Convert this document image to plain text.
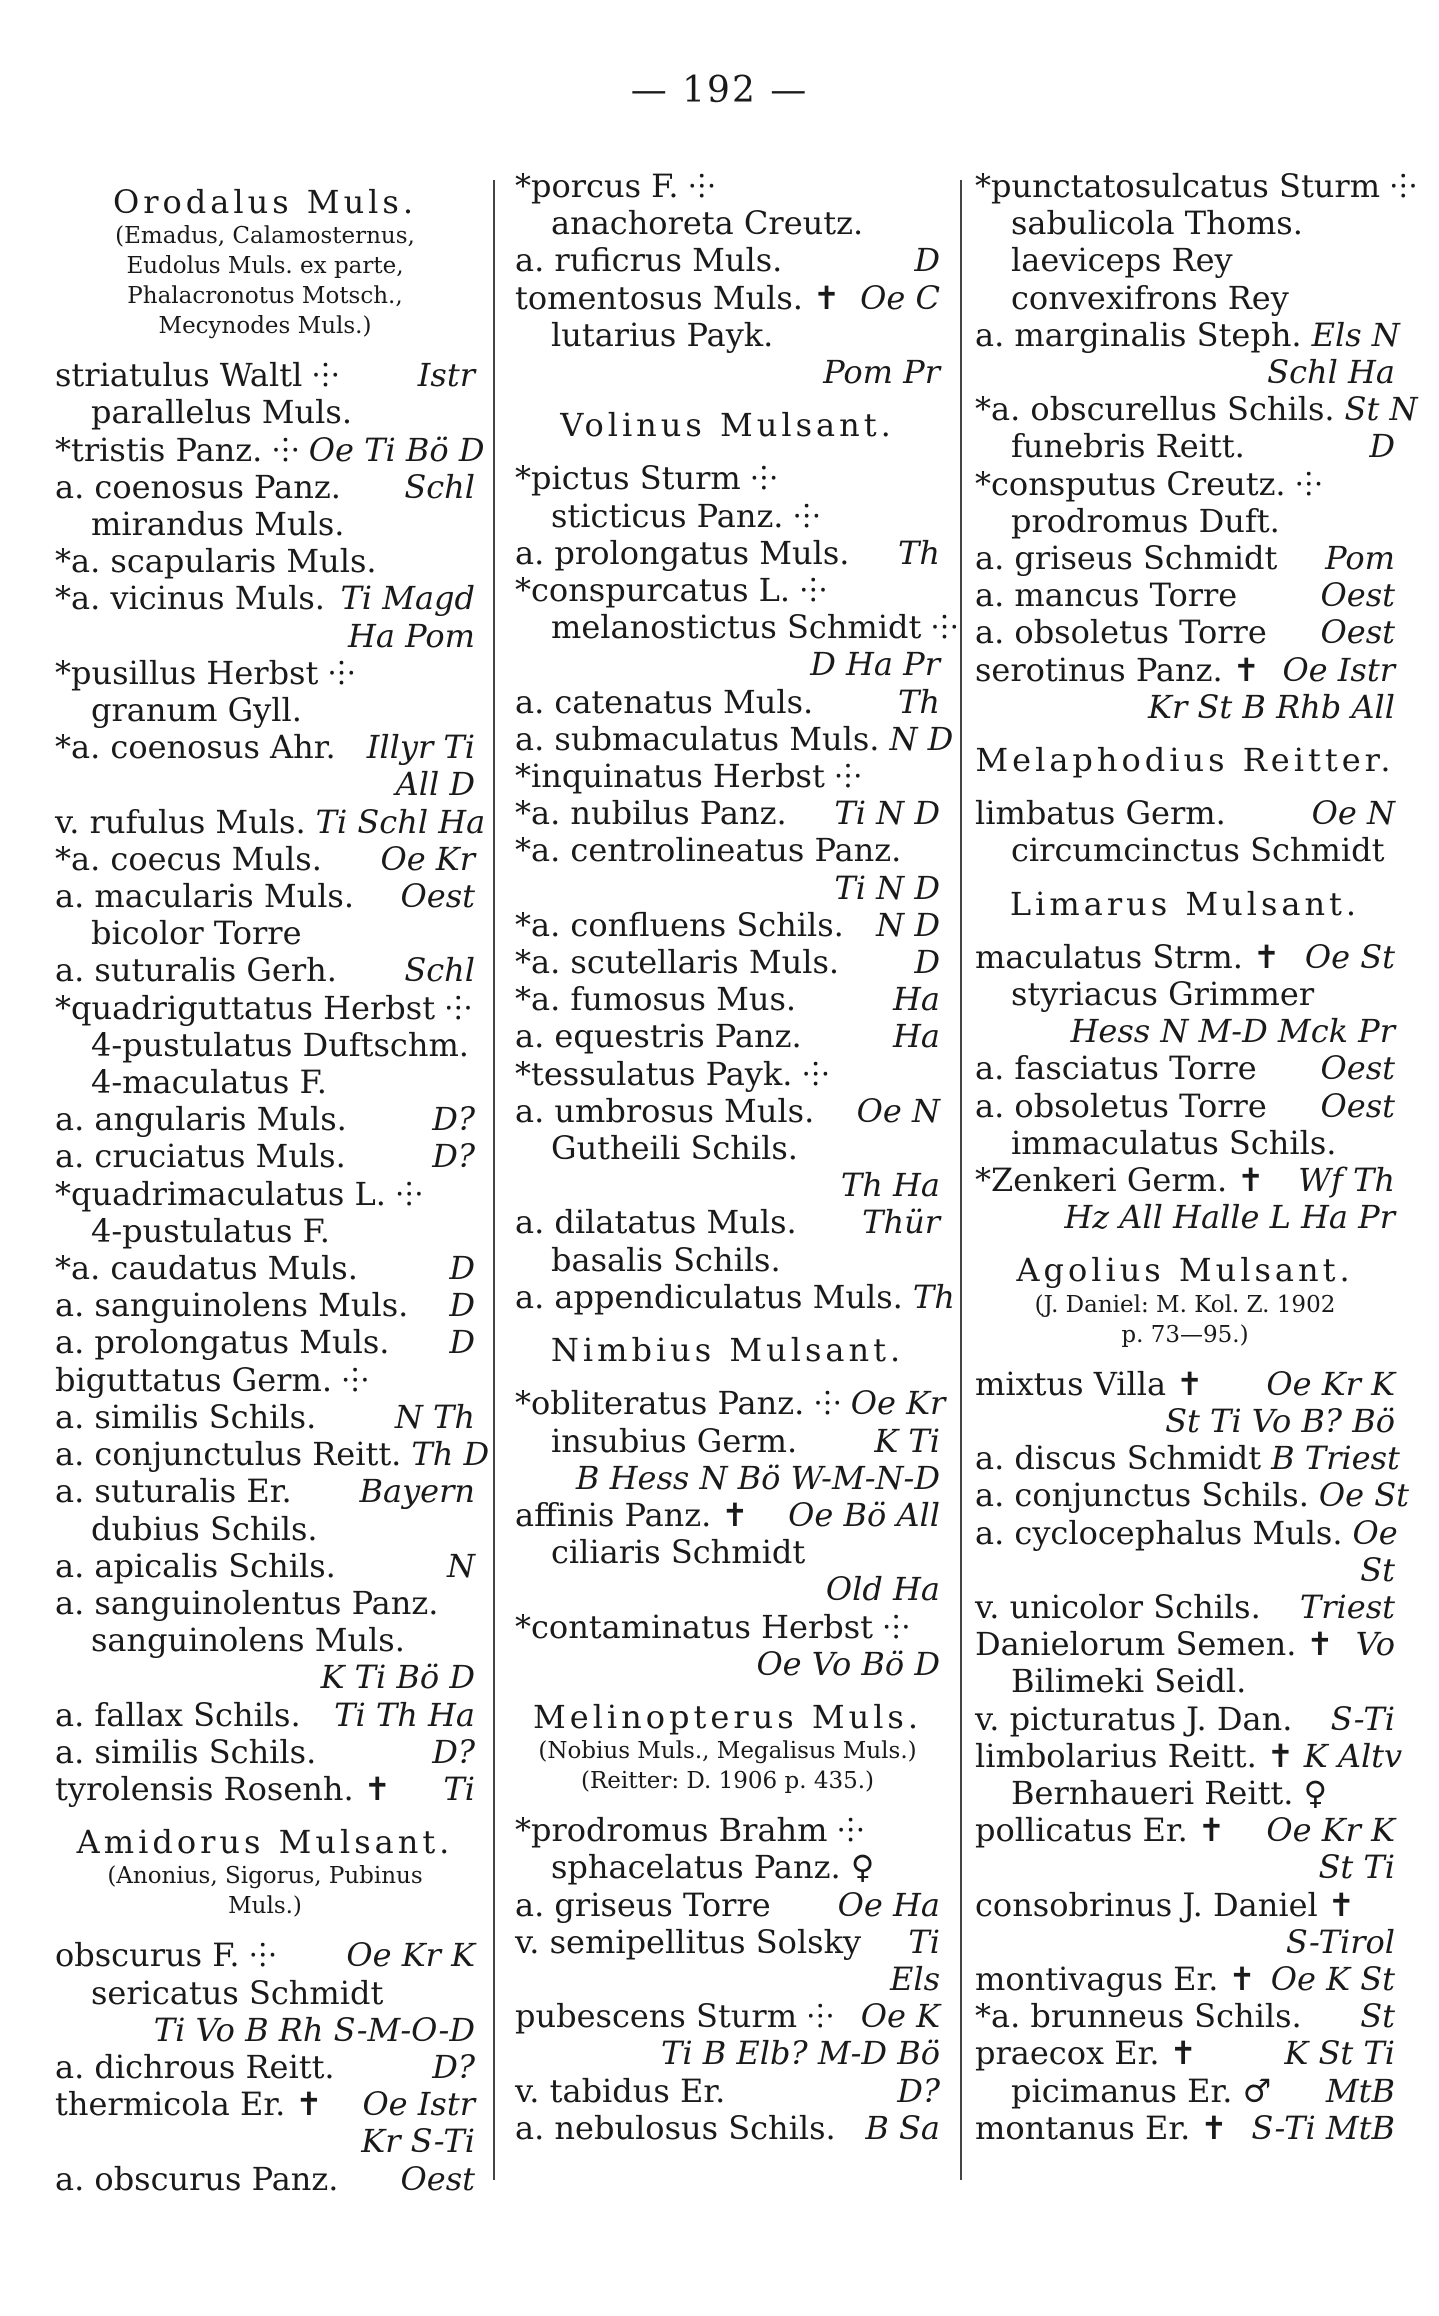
— 192 —
Orodalus Muls.
(Emadus, Calamosternus,
Eudolus Muls. ex parte,
Phalacronotus Motsch.,
Mecynodes Muls.)
striatulus Waltl ⸭	Istr
parallelus Muls.
*tristis Panz. ⸭ Oe Ti Bö D
a. coenosus Panz.	Schl
mirandus Muls.
*a. scapularis Muls.
*a. vicinus Muls. Ti Magd
Ha Pom
*pusillus Herbst ⸭
granum Gyll.
*a. coenosus Ahr. Illyr Ti
All D
v. rufulus Muls. Ti Schl Ha
*a. coecus Muls.	Oe Kr
a. macularis Muls.	Oest
bicolor Torre
a. suturalis Gerh.	Schl
*quadriguttatus Herbst ⸭
4-pustulatus Duftschm.
4-maculatus F.
a. angularis Muls.	D?
a. cruciatus Muls.	D?
*quadrimaculatus L. ⸭
4-pustulatus F.
*a. caudatus Muls.	D
a. sanguinolens Muls.	D
a. prolongatus Muls.	D
biguttatus Germ. ⸭
a. similis Schils.	N Th
a. conjunctulus Reitt. Th D
a. suturalis Er.	Bayern
dubius Schils.
a. apicalis Schils.	N
a. sanguinolentus Panz.
sanguinolens Muls.
K Ti Bö D
a. fallax Schils.	Ti Th Ha
a. similis Schils.	D?
tyrolensis Rosenh. ✝	Ti
Amidorus Mulsant.
(Anonius, Sigorus, Pubinus
Muls.)
obscurus F. ⸭	Oe Kr K
sericatus Schmidt
Ti Vo B Rh S-M-O-D
a. dichrous Reitt.	D?
thermicola Er. ✝	Oe Istr
Kr S-Ti
a. obscurus Panz.	Oest
*porcus F. ⸭
anachoreta Creutz.
a. ruficrus Muls.	D
tomentosus Muls. ✝ Oe C
lutarius Payk.
Pom Pr
Volinus Mulsant.
*pictus Sturm ⸭
sticticus Panz. ⸭
a. prolongatus Muls.	Th
*conspurcatus L. ⸭
melanostictus Schmidt ⸭
D Ha Pr
a. catenatus Muls.	Th
a. submaculatus Muls. N D
*inquinatus Herbst ⸭
*a. nubilus Panz.	Ti N D
*a. centrolineatus Panz.
Ti N D
*a. confluens Schils.	N D
*a. scutellaris Muls.	D
*a. fumosus Mus.	Ha
a. equestris Panz.	Ha
*tessulatus Payk. ⸭
a. umbrosus Muls.	Oe N
Gutheili Schils.
Th Ha
a. dilatatus Muls.	Thür
basalis Schils.
a. appendiculatus Muls. Th
Nimbius Mulsant.
*obliteratus Panz. ⸭ Oe Kr
insubius Germ.	K Ti
B Hess N Bö W-M-N-D
affinis Panz. ✝	Oe Bö All
ciliaris Schmidt
Old Ha
*contaminatus Herbst ⸭
Oe Vo Bö D
Melinopterus Muls.
(Nobius Muls., Megalisus Muls.)
(Reitter: D. 1906 p. 435.)
*prodromus Brahm ⸭
sphacelatus Panz. ♀
a. griseus Torre	Oe Ha
v. semipellitus Solsky	Ti
Els
pubescens Sturm ⸭ Oe K
Ti B Elb? M-D Bö
v. tabidus Er.	D?
a. nebulosus Schils. B Sa
*punctatosulcatus Sturm ⸭
sabulicola Thoms.
laeviceps Rey
convexifrons Rey
a. marginalis Steph. Els N
Schl Ha
*a. obscurellus Schils. St N
funebris Reitt.	D
*consputus Creutz. ⸭
prodromus Duft.
a. griseus Schmidt	Pom
a. mancus Torre	Oest
a. obsoletus Torre	Oest
serotinus Panz. ✝ Oe Istr
Kr St B Rhb All
Melaphodius Reitter.
limbatus Germ.	Oe N
circumcinctus Schmidt
Limarus Mulsant.
maculatus Strm. ✝ Oe St
styriacus Grimmer
Hess N M-D Mck Pr
a. fasciatus Torre	Oest
a. obsoletus Torre	Oest
immaculatus Schils.
*Zenkeri Germ. ✝	Wf Th
Hz All Halle L Ha Pr
Agolius Mulsant.
(J. Daniel: M. Kol. Z. 1902
p. 73—95.)
mixtus Villa ✝	Oe Kr K
St Ti Vo B? Bö
a. discus Schmidt B Triest
a. conjunctus Schils. Oe St
a. cyclocephalus Muls. Oe
St
v. unicolor Schils.	Triest
Danielorum Semen. ✝ Vo
Bilimeki Seidl.
v. picturatus J. Dan.	S-Ti
limbolarius Reitt. ✝ K Altv
Bernhaueri Reitt. ♀
pollicatus Er. ✝	Oe Kr K
St Ti
consobrinus J. Daniel ✝
S-Tirol
montivagus Er. ✝ Oe K St
*a. brunneus Schils.	St
praecox Er. ✝	K St Ti
picimanus Er. ♂	MtB
montanus Er. ✝ S-Ti MtB
